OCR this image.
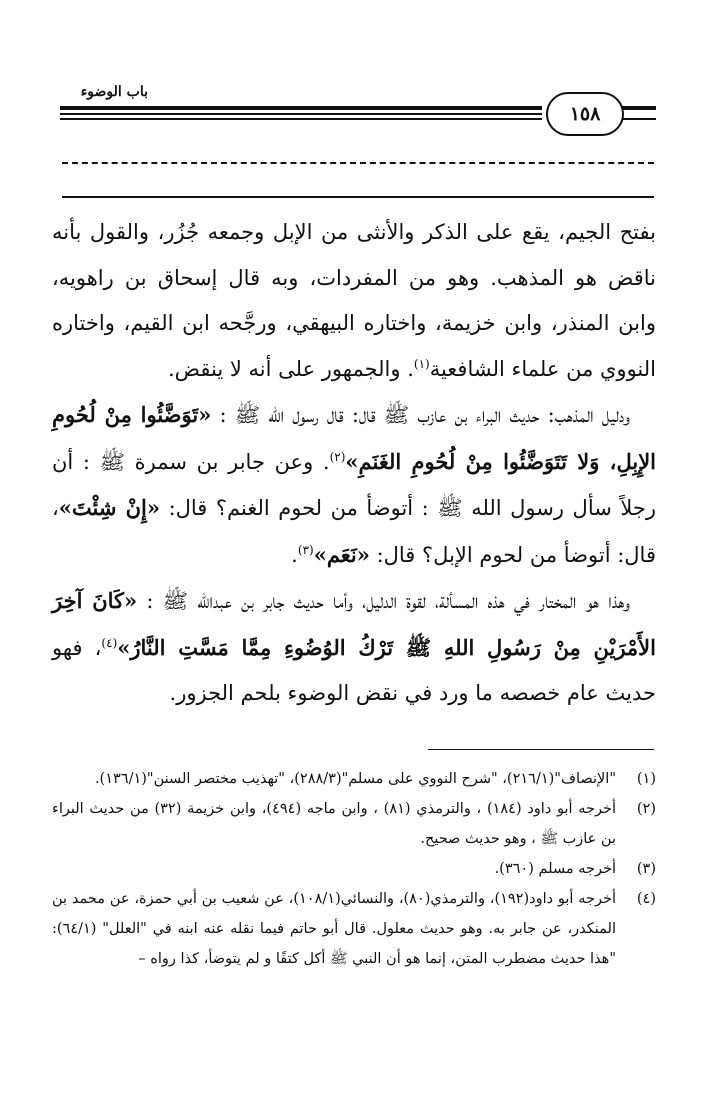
باب الوضوء
١٥٨

بفتح الجيم، يقع على الذكر والأنثى من الإبل وجمعه جُزُر، والقول بأنه ناقض هو المذهب. وهو من المفردات، وبه قال إسحاق بن راهويه، وابن المنذر، وابن خزيمة، واختاره البيهقي، ورجَّحه ابن القيم، واختاره النووي من علماء الشافعية$^{(١)}$. والجمهور على أنه لا ينقض.

ودليل المذهب: حديث البراء بن عازب ﷺ قال: قال رسول الله ﷺ : «تَوَضَّئُوا مِنْ لُحُومِ الإِبِلِ، وَلا تَتَوَضَّئُوا مِنْ لُحُومِ الغَنَمِ»$^{(٢)}$. وعن جابر بن سمرة ﷺ : أن رجلاً سأل رسول الله ﷺ : أتوضأ من لحوم الغنم؟ قال: «إِنْ شِئْتَ»، قال: أتوضأ من لحوم الإبل؟ قال: «نَعَم»$^{(٣)}$.

وهذا هو المختار في هذه المسألة، لقوة الدليل، وأما حديث جابر بن عبدالله ﷺ : «كَانَ آخِرَ الأَمْرَيْنِ مِنْ رَسُولِ اللهِ ﷺ تَرْكُ الوُضُوءِ مِمَّا مَسَّتِ النَّارُ»$^{(٤)}$، فهو حديث عام خصصه ما ورد في نقض الوضوء بلحم الجزور.

(١)
"الإنصاف"(٢١٦/١)، "شرح النووي على مسلم"(٢٨٨/٣)، "تهذيب مختصر السنن"(١٣٦/١).
(٢)
أخرجه أبو داود (١٨٤) ، والترمذي (٨١) ، وابن ماجه (٤٩٤)، وابن خزيمة (٣٢) من حديث البراء بن عازب ﷺ ، وهو حديث صحيح.
(٣)
أخرجه مسلم (٣٦٠).
(٤)
أخرجه أبو داود(١٩٢)، والترمذي(٨٠)، والنسائي(١٠٨/١)، عن شعيب بن أبي حمزة، عن محمد بن المنكدر، عن جابر به. وهو حديث معلول. قال أبو حاتم فيما نقله عنه ابنه في "العلل" (٦٤/١): "هذا حديث مضطرب المتن، إنما هو أن النبي ﷺ أكل كتفًا و لم يتوضأ، كذا رواه –
